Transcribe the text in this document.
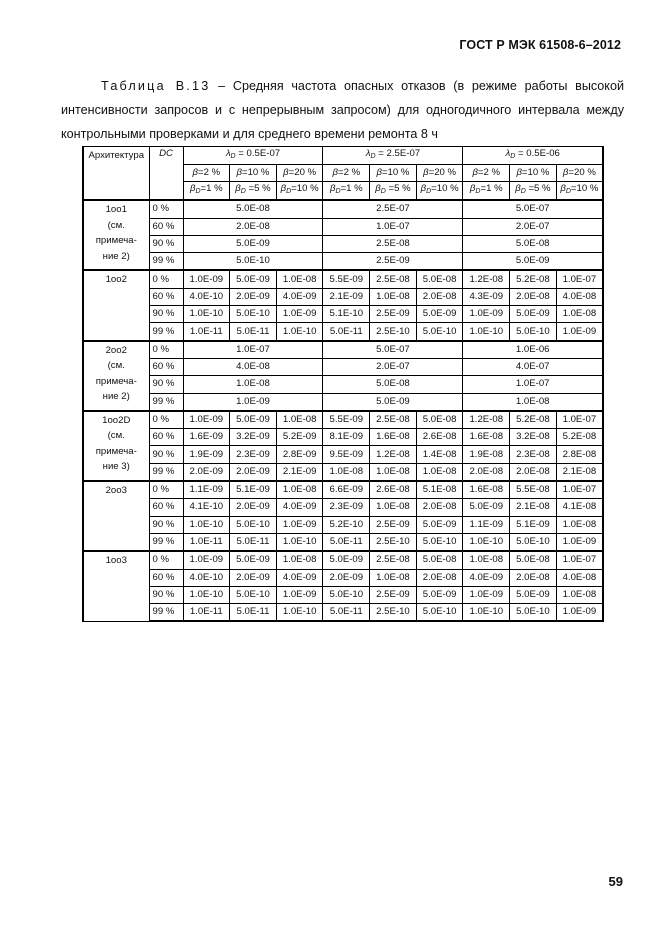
ГОСТ Р МЭК 61508-6–2012
Таблица В.13 – Средняя частота опасных отказов (в режиме работы высокой интенсивности запросов и с непрерывным запросом) для одногодичного интервала между контрольными проверками и для среднего времени ремонта 8 ч
Архитектура	DC	$\lambda_D = 0.5E-07$			$\lambda_D = 2.5E-07$			$\lambda_D = 0.5E-06$		
		β=2 %	β=10 %	β=20 %	β=2 %	β=10 %	β=20 %	β=2 %	β=10 %	β=20 %
		$\beta_D=1$ %	$\beta_D =5$ %	$\beta_D=10$ %	$\beta_D=1$ %	$\beta_D =5$ %	$\beta_D=10$ %	$\beta_D=1$ %	$\beta_D =5$ %	$\beta_D=10$ %

1oo1
(см.
примеча-
ние 2)	0 %	5.0E-08			2.5E-07			5.0E-07		
	60 %	2.0E-08			1.0E-07			2.0E-07		
	90 %	5.0E-09			2.5E-08			5.0E-08		
	99 %	5.0E-10			2.5E-09			5.0E-09		
1oo2	0 %	1.0E-09	5.0E-09	1.0E-08	5.5E-09	2.5E-08	5.0E-08	1.2E-08	5.2E-08	1.0E-07
	60 %	4.0E-10	2.0E-09	4.0E-09	2.1E-09	1.0E-08	2.0E-08	4.3E-09	2.0E-08	4.0E-08
	90 %	1.0E-10	5.0E-10	1.0E-09	5.1E-10	2.5E-09	5.0E-09	1.0E-09	5.0E-09	1.0E-08
	99 %	1.0E-11	5.0E-11	1.0E-10	5.0E-11	2.5E-10	5.0E-10	1.0E-10	5.0E-10	1.0E-09

2oo2
(см.
примеча-
ние 2)	0 %	1.0E-07			5.0E-07			1.0E-06		
	60 %	4.0E-08			2.0E-07			4.0E-07		
	90 %	1.0E-08			5.0E-08			1.0E-07		
	99 %	1.0E-09			5.0E-09			1.0E-08		

1oo2D
(см.
примеча-
ние 3)	0 %	1.0E-09	5.0E-09	1.0E-08	5.5E-09	2.5E-08	5.0E-08	1.2E-08	5.2E-08	1.0E-07
	60 %	1.6E-09	3.2E-09	5.2E-09	8.1E-09	1.6E-08	2.6E-08	1.6E-08	3.2E-08	5.2E-08
	90 %	1.9E-09	2.3E-09	2.8E-09	9.5E-09	1.2E-08	1.4E-08	1.9E-08	2.3E-08	2.8E-08
	99 %	2.0E-09	2.0E-09	2.1E-09	1.0E-08	1.0E-08	1.0E-08	2.0E-08	2.0E-08	2.1E-08
2oo3	0 %	1.1E-09	5.1E-09	1.0E-08	6.6E-09	2.6E-08	5.1E-08	1.6E-08	5.5E-08	1.0E-07
	60 %	4.1E-10	2.0E-09	4.0E-09	2.3E-09	1.0E-08	2.0E-08	5.0E-09	2.1E-08	4.1E-08
	90 %	1.0E-10	5.0E-10	1.0E-09	5.2E-10	2.5E-09	5.0E-09	1.1E-09	5.1E-09	1.0E-08
	99 %	1.0E-11	5.0E-11	1.0E-10	5.0E-11	2.5E-10	5.0E-10	1.0E-10	5.0E-10	1.0E-09
1oo3	0 %	1.0E-09	5.0E-09	1.0E-08	5.0E-09	2.5E-08	5.0E-08	1.0E-08	5.0E-08	1.0E-07
	60 %	4.0E-10	2.0E-09	4.0E-09	2.0E-09	1.0E-08	2.0E-08	4.0E-09	2.0E-08	4.0E-08
	90 %	1.0E-10	5.0E-10	1.0E-09	5.0E-10	2.5E-09	5.0E-09	1.0E-09	5.0E-09	1.0E-08
	99 %	1.0E-11	5.0E-11	1.0E-10	5.0E-11	2.5E-10	5.0E-10	1.0E-10	5.0E-10	1.0E-09
59
